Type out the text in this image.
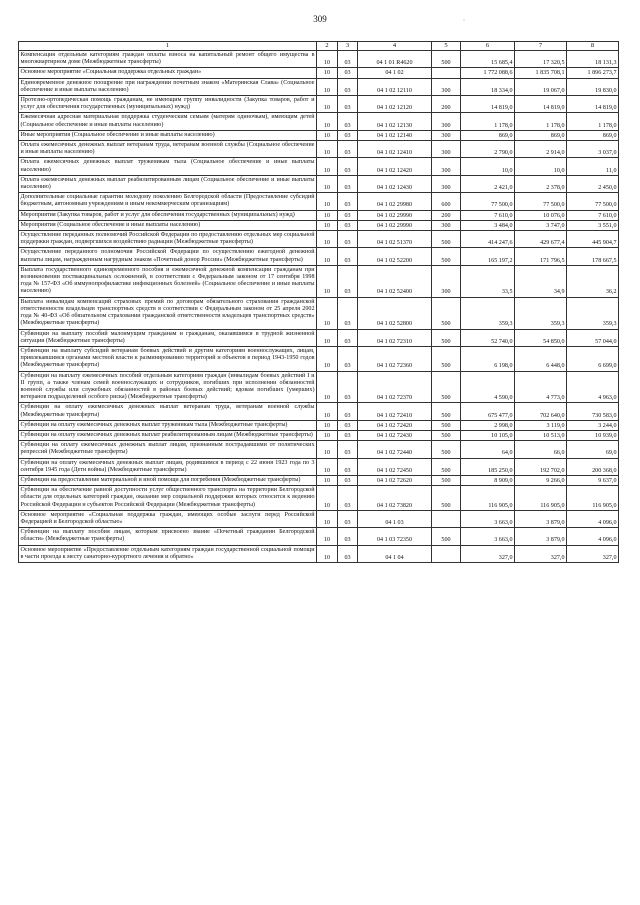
309	·
1	2	3	4	5	6	7	8
Компенсация отдельным категориям граждан оплаты взноса на капитальный ремонт общего имущества в многоквартирном доме (Межбюджетные трансферты)	10	03	04 1 01 R4620	500	15 685,4	17 320,5	18 131,3
Основное мероприятие «Социальная поддержка отдельных граждан»	10	03	04 1 02		1 772 088,6	1 835 708,1	1 896 273,7
Единовременное денежное поощрение при награждении почетным знаком «Материнская Слава» (Социальное обеспечение и иные выплаты населению)	10	03	04 1 02 12110	300	18 334,0	19 067,0	19 830,0
Протезно-ортопедическая помощь гражданам, не имеющим группу инвалидности (Закупка товаров, работ и услуг для обеспечения государственных (муниципальных) нужд)	10	03	04 1 02 12120	200	14 819,0	14 819,0	14 819,0
Ежемесячная адресная материальная поддержка студенческим семьям (матерям одиночкам), имеющим детей (Социальное обеспечение и иные выплаты населению)	10	03	04 1 02 12130	300	1 178,0	1 178,0	1 178,0
Иные мероприятия (Социальное обеспечение и иные выплаты населению)	10	03	04 1 02 12140	300	869,0	869,0	869,0
Оплата ежемесячных денежных выплат ветеранам труда, ветеранам военной службы (Социальное обеспечение и иные выплаты населению)	10	03	04 1 02 12410	300	2 790,0	2 914,0	3 037,0
Оплата ежемесячных денежных выплат труженикам тыла (Социальное обеспечение и иные выплаты населению)	10	03	04 1 02 12420	300	10,0	10,0	11,0
Оплата ежемесячных денежных выплат реабилитированным лицам (Социальное обеспечение и иные выплаты населению)	10	03	04 1 02 12430	300	2 421,0	2 378,0	2 450,0
Дополнительные социальные гарантии молодому поколению Белгородской области (Предоставление субсидий бюджетным, автономным учреждениям и иным некоммерческим организациям)	10	03	04 1 02 29980	600	77 500,0	77 500,0	77 500,0
Мероприятия (Закупка товаров, работ и услуг для обеспечения государственных (муниципальных) нужд)	10	03	04 1 02 29990	200	7 610,0	10 076,0	7 610,0
Мероприятия (Социальное обеспечение и иные выплаты населению)	10	03	04 1 02 29990	300	3 484,0	3 747,0	3 551,0
Осуществление переданных полномочий Российской Федерации по предоставлению отдельных мер социальной поддержки граждан, подвергшихся воздействию радиации (Межбюджетные трансферты)	10	03	04 1 02 51370	500	414 247,6	429 677,4	445 904,7
Осуществление переданного полномочия Российской Федерации по осуществлению ежегодной денежной выплаты лицам, награжденным нагрудным знаком «Почетный донор России» (Межбюджетные трансферты)	10	03	04 1 02 52200	500	165 197,2	171 796,5	178 667,5
Выплата государственного единовременного пособия и ежемесячной денежной компенсации гражданам при возникновении поствакцинальных осложнений, в соответствии с Федеральным законом от 17 сентября 1998 года № 157-ФЗ «Об иммунопрофилактике инфекционных болезней» (Социальное обеспечение и иные выплаты населению)	10	03	04 1 02 52400	300	33,5	34,9	36,2
Выплата инвалидам компенсаций страховых премий по договорам обязательного страхования гражданской ответственности владельцев транспортных средств в соответствии с Федеральным законом от 25 апреля 2002 года № 40-ФЗ «Об обязательном страховании гражданской ответственности владельцев транспортных средств» (Межбюджетные трансферты)	10	03	04 1 02 52800	500	359,3	359,3	359,3
Субвенции на выплату пособий малоимущим гражданам и гражданам, оказавшимся в трудной жизненной ситуации (Межбюджетные трансферты)	10	03	04 1 02 72310	500	52 740,0	54 850,0	57 044,0
Субвенции на выплату субсидий ветеранам боевых действий и другим категориям военнослужащих, лицам, привлекавшимся органами местной власти к разминированию территорий и объектов в период 1943-1950 годов (Межбюджетные трансферты)	10	03	04 1 02 72360	500	6 198,0	6 448,0	6 699,0
Субвенции на выплату ежемесячных пособий отдельным категориям граждан (инвалидам боевых действий I и II групп, а также членам семей военнослужащих и сотрудников, погибших при исполнении обязанностей военной службы или служебных обязанностей в районах боевых действий; вдовам погибших (умерших) ветеранов подразделений особого риска) (Межбюджетные трансферты)	10	03	04 1 02 72370	500	4 590,0	4 773,0	4 963,0
Субвенции на оплату ежемесячных денежных выплат ветеранам труда, ветеранам военной службы (Межбюджетные трансферты)	10	03	04 1 02 72410	500	675 477,0	702 640,0	730 583,0
Субвенции на оплату ежемесячных денежных выплат труженикам тыла (Межбюджетные трансферты)	10	03	04 1 02 72420	500	2 998,0	3 119,0	3 244,0
Субвенции на оплату ежемесячных денежных выплат реабилитированным лицам (Межбюджетные трансферты)	10	03	04 1 02 72430	500	10 105,0	10 513,0	10 939,0
Субвенции на оплату ежемесячных денежных выплат лицам, признанным пострадавшими от политических репрессий (Межбюджетные трансферты)	10	03	04 1 02 72440	500	64,0	66,0	69,0
Субвенции на оплату ежемесячных денежных выплат лицам, родившимся в период с 22 июня 1923 года по 3 сентября 1945 года (Дети войны) (Межбюджетные трансферты)	10	03	04 1 02 72450	500	185 250,0	192 702,0	200 368,0
Субвенции на предоставление материальной и иной помощи для погребения (Межбюджетные трансферты)	10	03	04 1 02 72620	500	8 909,0	9 266,0	9 637,0
Субвенции на обеспечение равной доступности услуг общественного транспорта на территории Белгородской области для отдельных категорий граждан, оказание мер социальной поддержки которых относится к ведению Российской Федерации и субъектов Российской Федерации (Межбюджетные трансферты)	10	03	04 1 02 73820	500	116 905,0	116 905,0	116 905,0
Основное мероприятие «Социальная поддержка граждан, имеющих особые заслуги перед Российской Федерацией и Белгородской областью»	10	03	04 1 03		3 663,0	3 879,0	4 096,0
Субвенции на выплату пособия лицам, которым присвоено звание «Почетный гражданин Белгородской области» (Межбюджетные трансферты)	10	03	04 1 03 72350	500	3 663,0	3 879,0	4 096,0
Основное мероприятие «Предоставление отдельным категориям граждан государственной социальной помощи в части проезда к месту санаторно-курортного лечения и обратно»	10	03	04 1 04		327,0	327,0	327,0
